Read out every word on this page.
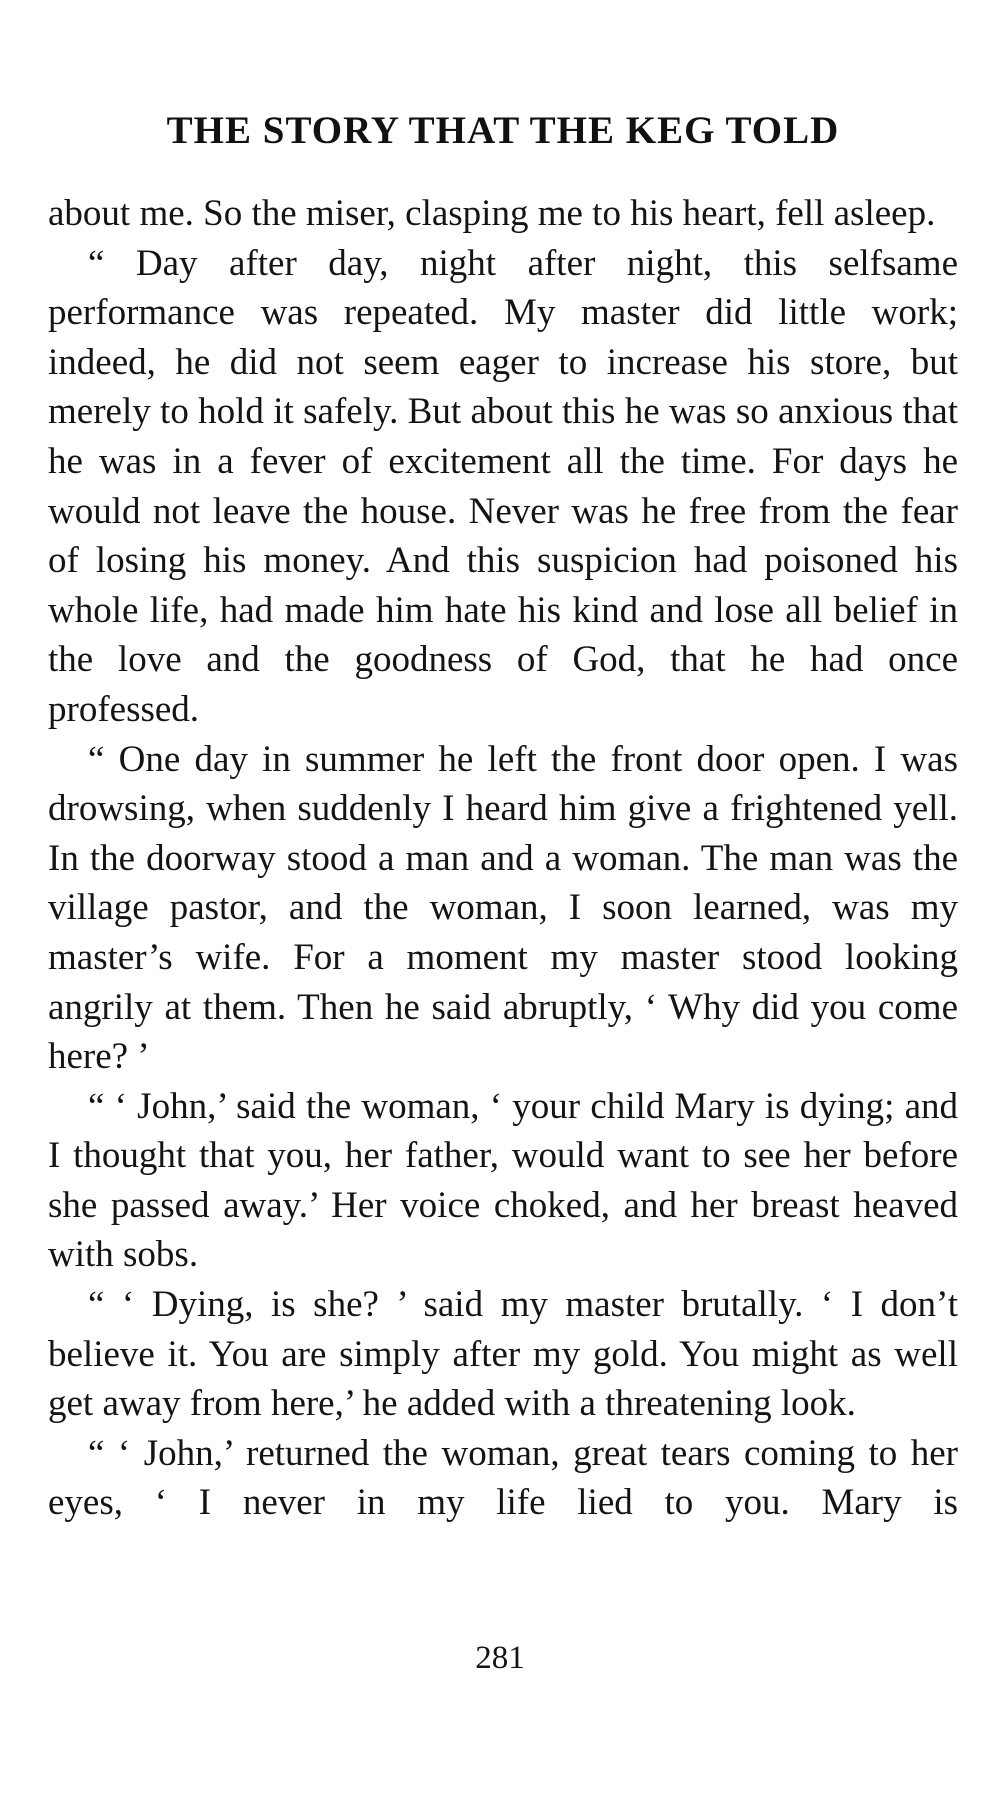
THE STORY THAT THE KEG TOLD

about me. So the miser, clasping me to his heart, fell asleep.

“ Day after day, night after night, this selfsame performance was repeated. My master did little work; indeed, he did not seem eager to increase his store, but merely to hold it safely. But about this he was so anxious that he was in a fever of excitement all the time. For days he would not leave the house. Never was he free from the fear of losing his money. And this suspicion had poisoned his whole life, had made him hate his kind and lose all belief in the love and the goodness of God, that he had once professed.

“ One day in summer he left the front door open. I was drowsing, when suddenly I heard him give a frightened yell. In the doorway stood a man and a woman. The man was the village pastor, and the woman, I soon learned, was my master’s wife. For a moment my master stood looking angrily at them. Then he said abruptly, ‘ Why did you come here? ’

“ ‘ John,’ said the woman, ‘ your child Mary is dying; and I thought that you, her father, would want to see her before she passed away.’ Her voice choked, and her breast heaved with sobs.

“ ‘ Dying, is she? ’ said my master brutally. ‘ I don’t believe it. You are simply after my gold. You might as well get away from here,’ he added with a threatening look.

“ ‘ John,’ returned the woman, great tears coming to her eyes, ‘ I never in my life lied to you. Mary is

281
